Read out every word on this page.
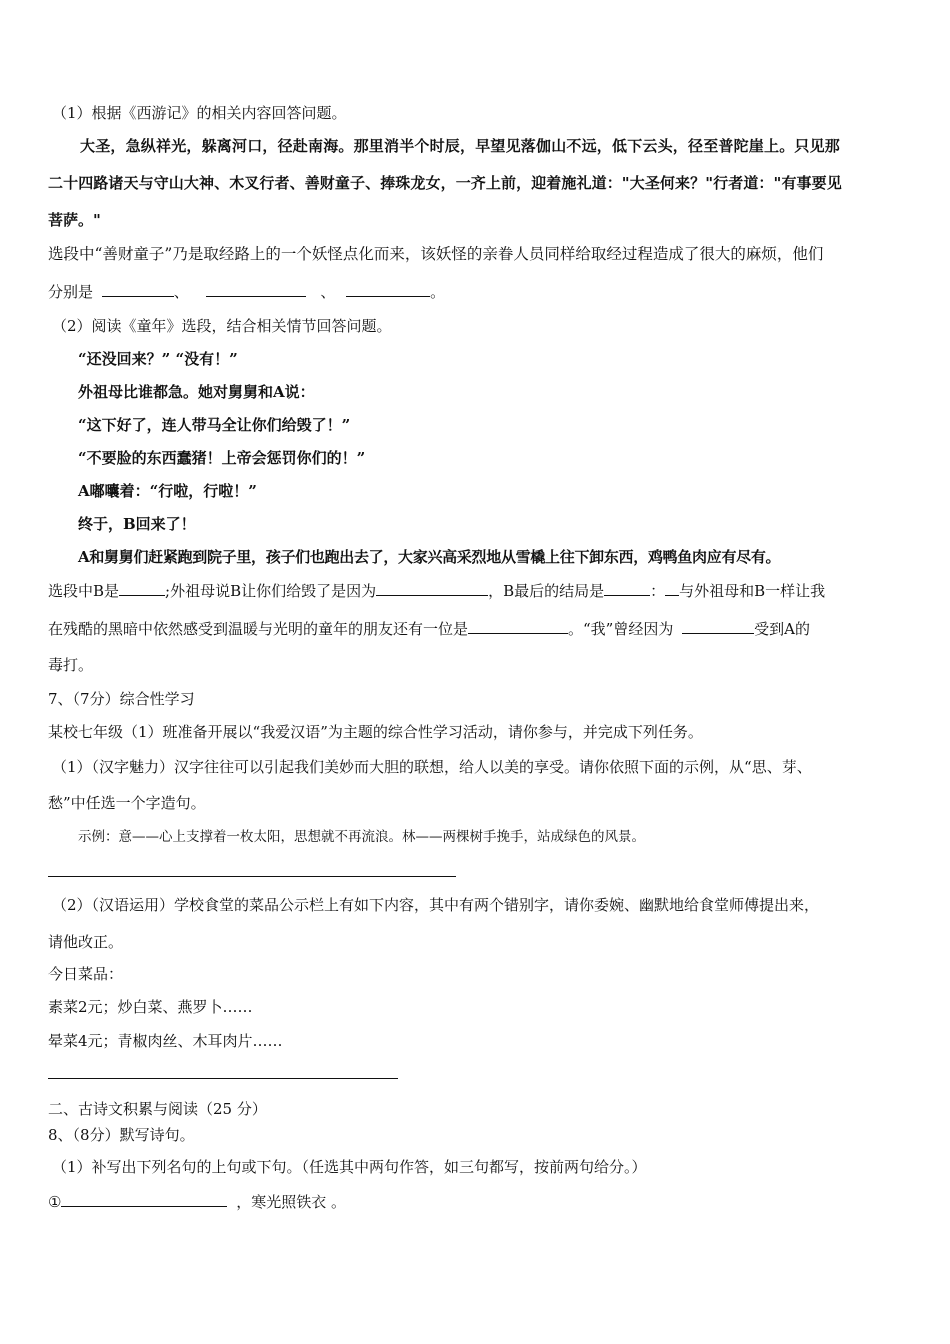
（1）根据《西游记》的相关内容回答问题。
大圣，急纵祥光，躲离河口，径赴南海。那里消半个时辰，早望见落伽山不远，低下云头，径至普陀崖上。只见那
二十四路诸天与守山大神、木叉行者、善财童子、捧珠龙女，一齐上前，迎着施礼道："大圣何来？"行者道："有事要见
菩萨。"
选段中“善财童子”乃是取经路上的一个妖怪点化而来，该妖怪的亲眷人员同样给取经过程造成了很大的麻烦，他们
分别是	、	、	。
（2）阅读《童年》选段，结合相关情节回答问题。
“还没回来？” “没有！”
外祖母比谁都急。她对舅舅和A说：
“这下好了，连人带马全让你们给毁了！”
“不要脸的东西蠢猪！上帝会惩罚你们的！”
A嘟囔着：“行啦，行啦！”
终于，B回来了！
A和舅舅们赶紧跑到院子里，孩子们也跑出去了，大家兴高采烈地从雪橇上往下卸东西，鸡鸭鱼肉应有尽有。
选段中B是	;外祖母说B让你们给毁了是因为	，B最后的结局是	： 与外祖母和B一样让我
在残酷的黑暗中依然感受到温暖与光明的童年的朋友还有一位是	。“我”曾经因为	受到A的
毒打。
7、（7分）综合性学习
某校七年级（1）班准备开展以“我爱汉语”为主题的综合性学习活动，请你参与，并完成下列任务。
（1）（汉字魅力）汉字往往可以引起我们美妙而大胆的联想，给人以美的享受。请你依照下面的示例，从“思、芽、
愁”中任选一个字造句。
示例：意——心上支撑着一枚太阳，思想就不再流浪。林——两棵树手挽手，站成绿色的风景。
（2）（汉语运用）学校食堂的菜品公示栏上有如下内容，其中有两个错别字，请你委婉、幽默地给食堂师傅提出来，
请他改正。
今日菜品：
素菜2元；炒白菜、燕罗卜……
晕菜4元；青椒肉丝、木耳肉片……
二、古诗文积累与阅读（25 分）
8、（8分）默写诗句。
（1）补写出下列名句的上句或下句。（任选其中两句作答，如三句都写，按前两句给分。）
①	，寒光照铁衣 。
